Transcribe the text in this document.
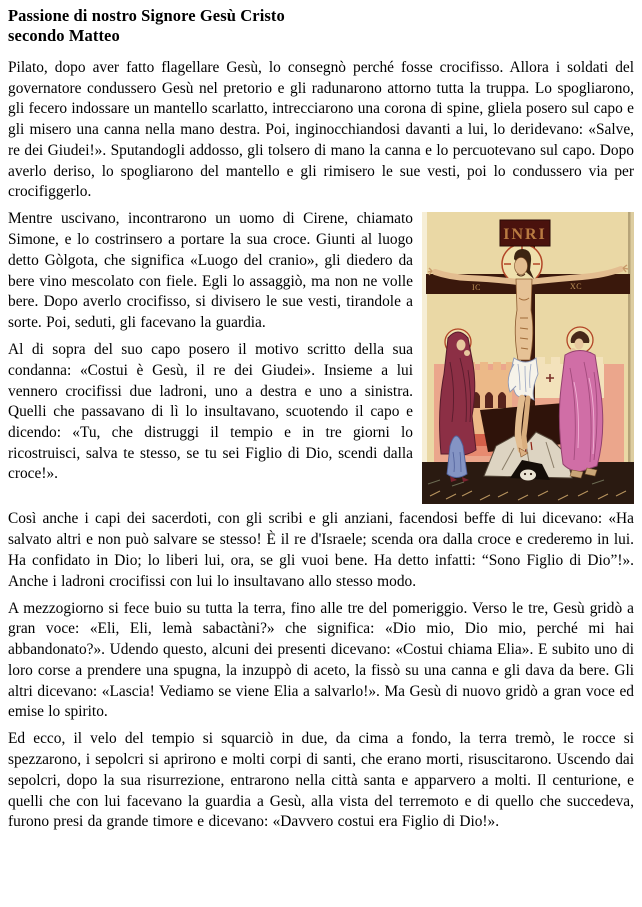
Passione di nostro Signore Gesù Cristo
secondo Matteo

Pilato, dopo aver fatto flagellare Gesù, lo consegnò perché fosse crocifisso. Allora i soldati del governatore condussero Gesù nel pretorio e gli radunarono attorno tutta la truppa. Lo spogliarono, gli fecero indossare un mantello scarlatto, intrecciarono una corona di spine, gliela posero sul capo e gli misero una canna nella mano destra. Poi, inginocchiandosi davanti a lui, lo deridevano: «Salve, re dei Giudei!». Sputandogli addosso, gli tolsero di mano la canna e lo percuotevano sul capo. Dopo averlo deriso, lo spogliarono del mantello e gli rimisero le sue vesti, poi lo condussero via per crocifiggerlo.

IC	XC
INRI

Mentre uscivano, incontrarono un uomo di Cirene, chiamato Simone, e lo costrinsero a portare la sua croce. Giunti al luogo detto Gòlgota, che significa «Luogo del cranio», gli diedero da bere vino mescolato con fiele. Egli lo assaggiò, ma non ne volle bere. Dopo averlo crocifisso, si divisero le sue vesti, tirandole a sorte. Poi, seduti, gli facevano la guardia.

Al di sopra del suo capo posero il motivo scritto della sua condanna: «Costui è Gesù, il re dei Giudei». Insieme a lui vennero crocifissi due ladroni, uno a destra e uno a sinistra. Quelli che passavano di lì lo insultavano, scuotendo il capo e dicendo: «Tu, che distruggi il tempio e in tre giorni lo ricostruisci, salva te stesso, se tu sei Figlio di Dio, scendi dalla croce!».

Così anche i capi dei sacerdoti, con gli scribi e gli anziani, facendosi beffe di lui dicevano: «Ha salvato altri e non può salvare se stesso! È il re d'Israele; scenda ora dalla croce e crederemo in lui. Ha confidato in Dio; lo liberi lui, ora, se gli vuoi bene. Ha detto infatti: “Sono Figlio di Dio”!». Anche i ladroni crocifissi con lui lo insultavano allo stesso modo.

A mezzogiorno si fece buio su tutta la terra, fino alle tre del pomeriggio. Verso le tre, Gesù gridò a gran voce: «Eli, Eli, lemà sabactàni?» che significa: «Dio mio, Dio mio, perché mi hai abbandonato?». Udendo questo, alcuni dei presenti dicevano: «Costui chiama Elia». E subito uno di loro corse a prendere una spugna, la inzuppò di aceto, la fissò su una canna e gli dava da bere. Gli altri dicevano: «Lascia! Vediamo se viene Elia a salvarlo!». Ma Gesù di nuovo gridò a gran voce ed emise lo spirito.

Ed ecco, il velo del tempio si squarciò in due, da cima a fondo, la terra tremò, le rocce si spezzarono, i sepolcri si aprirono e molti corpi di santi, che erano morti, risuscitarono. Uscendo dai sepolcri, dopo la sua risurrezione, entrarono nella città santa e apparvero a molti. Il centurione, e quelli che con lui facevano la guardia a Gesù, alla vista del terremoto e di quello che succedeva, furono presi da grande timore e dicevano: «Davvero costui era Figlio di Dio!».
